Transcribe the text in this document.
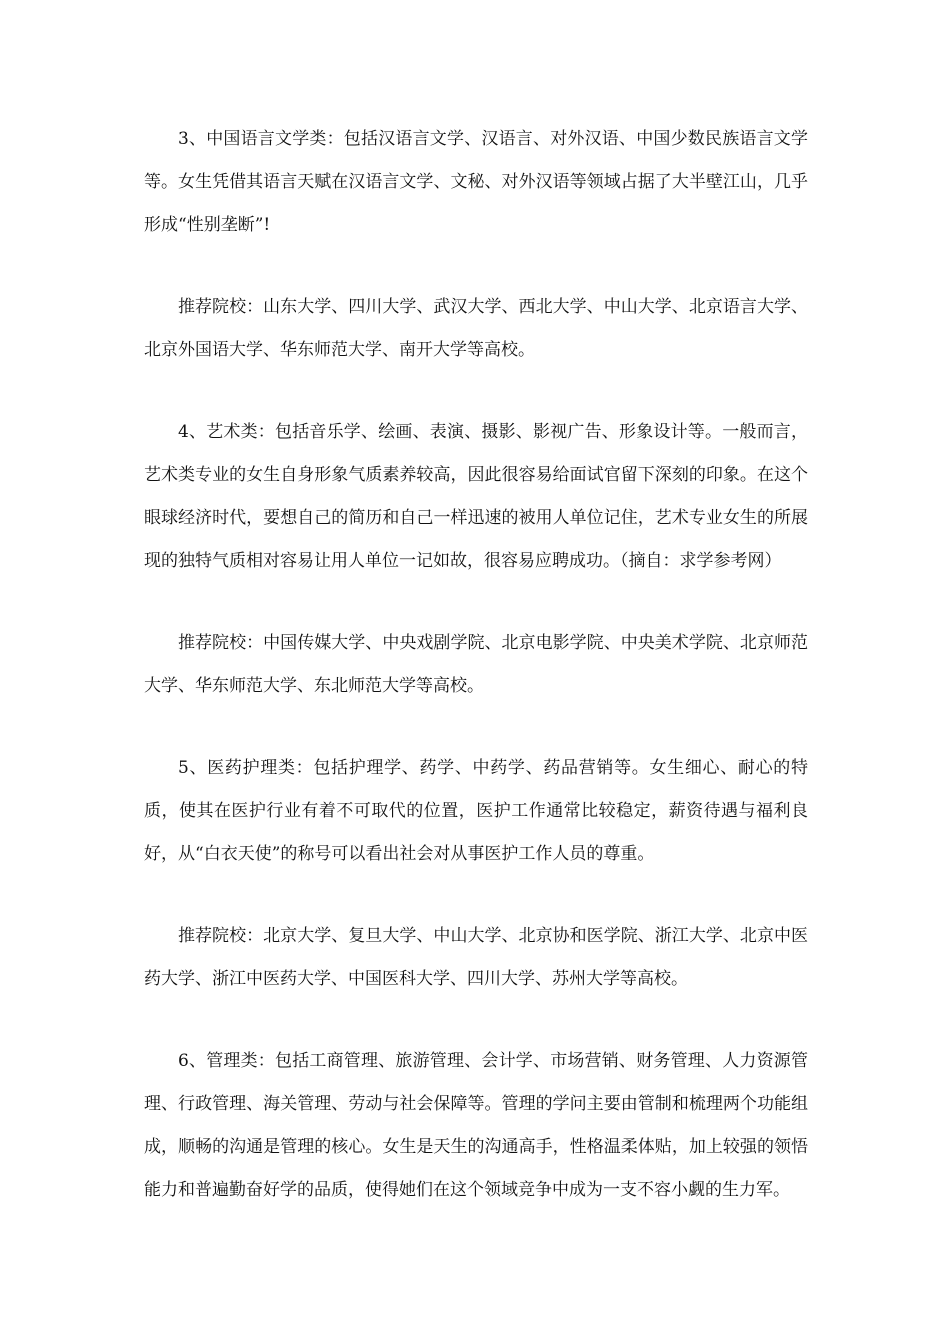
3、中国语言文学类：包括汉语言文学、汉语言、对外汉语、中国少数民族语言文学等。女生凭借其语言天赋在汉语言文学、文秘、对外汉语等领域占据了大半壁江山，几乎形成“性别垄断”!

推荐院校：山东大学、四川大学、武汉大学、西北大学、中山大学、北京语言大学、北京外国语大学、华东师范大学、南开大学等高校。

4、艺术类：包括音乐学、绘画、表演、摄影、影视广告、形象设计等。一般而言，艺术类专业的女生自身形象气质素养较高，因此很容易给面试官留下深刻的印象。在这个眼球经济时代，要想自己的简历和自己一样迅速的被用人单位记住，艺术专业女生的所展现的独特气质相对容易让用人单位一记如故，很容易应聘成功。（摘自：求学参考网）

推荐院校：中国传媒大学、中央戏剧学院、北京电影学院、中央美术学院、北京师范大学、华东师范大学、东北师范大学等高校。

5、医药护理类：包括护理学、药学、中药学、药品营销等。女生细心、耐心的特质，使其在医护行业有着不可取代的位置，医护工作通常比较稳定，薪资待遇与福利良好，从“白衣天使”的称号可以看出社会对从事医护工作人员的尊重。

推荐院校：北京大学、复旦大学、中山大学、北京协和医学院、浙江大学、北京中医药大学、浙江中医药大学、中国医科大学、四川大学、苏州大学等高校。

6、管理类：包括工商管理、旅游管理、会计学、市场营销、财务管理、人力资源管理、行政管理、海关管理、劳动与社会保障等。管理的学问主要由管制和梳理两个功能组成，顺畅的沟通是管理的核心。女生是天生的沟通高手，性格温柔体贴，加上较强的领悟能力和普遍勤奋好学的品质，使得她们在这个领域竞争中成为一支不容小觑的生力军。
